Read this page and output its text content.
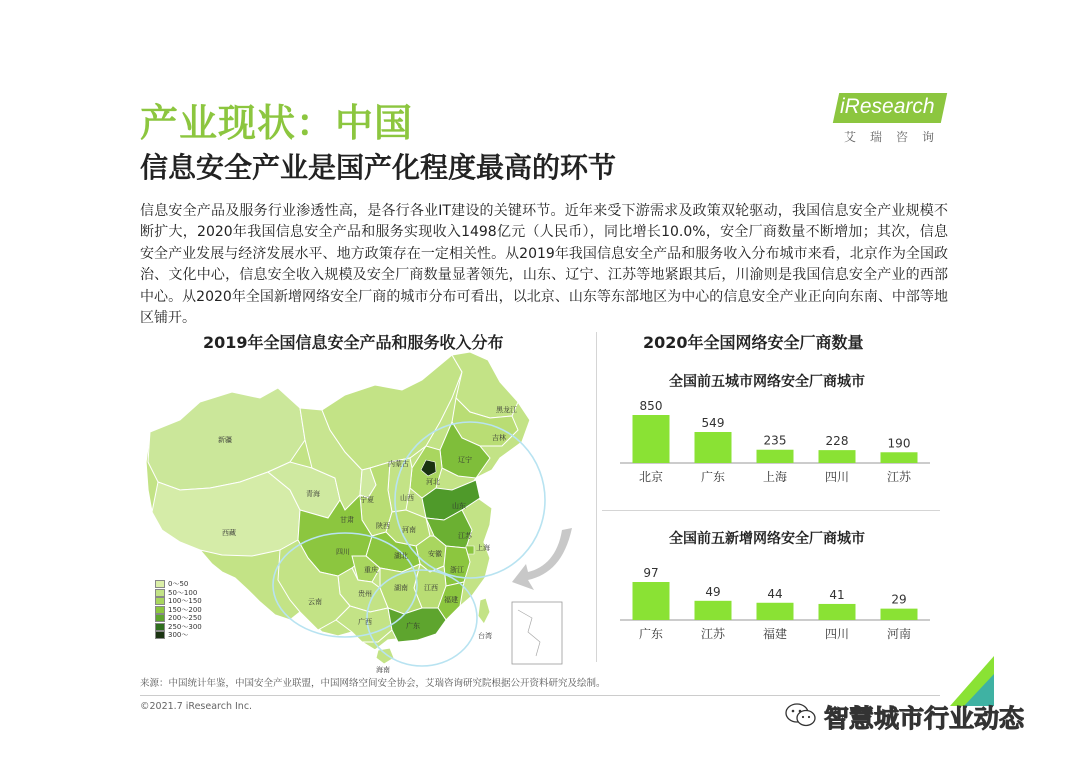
产业现状：中国
信息安全产业是国产化程度最高的环节
iResearch
艾瑞咨询
信息安全产品及服务行业渗透性高，是各行各业IT建设的关键环节。近年来受下游需求及政策双轮驱动，我国信息安全产业规模不断扩大，2020年我国信息安全产品和服务实现收入1498亿元（人民币），同比增长10.0%，安全厂商数量不断增加；其次，信息安全产业发展与经济发展水平、地方政策存在一定相关性。从2019年我国信息安全产品和服务收入分布城市来看，北京作为全国政治、文化中心，信息安全收入规模及安全厂商数量显著领先，山东、辽宁、江苏等地紧跟其后，川渝则是我国信息安全产业的西部中心。从2020年全国新增网络安全厂商的城市分布可看出，以北京、山东等东部地区为中心的信息安全产业正向向东南、中部等地区铺开。
2019年全国信息安全产品和服务收入分布
新疆
西藏
青海
甘肃
内蒙古
宁夏
陕西
山西
河北
辽宁
吉林
黑龙江
山东
江苏
上海
安徽
河南
湖北
四川
重庆
贵州
云南
湖南 江西
浙江
福建
广西	广东
海南
台湾
0～50
50～100
100～150
150～200
200～250
250～300
300～
2020年全国网络安全厂商数量
全国前五城市网络安全厂商城市
全国前五新增网络安全厂商城市
850
北京
549
广东
235
上海
228
四川
190
江苏
97
广东
49
江苏
44
福建
41
四川
29
河南
来源：中国统计年鉴，中国安全产业联盟，中国网络空间安全协会，艾瑞咨询研究院根据公开资料研究及绘制。
©2021.7 iResearch Inc.	智慧城市行业动态
